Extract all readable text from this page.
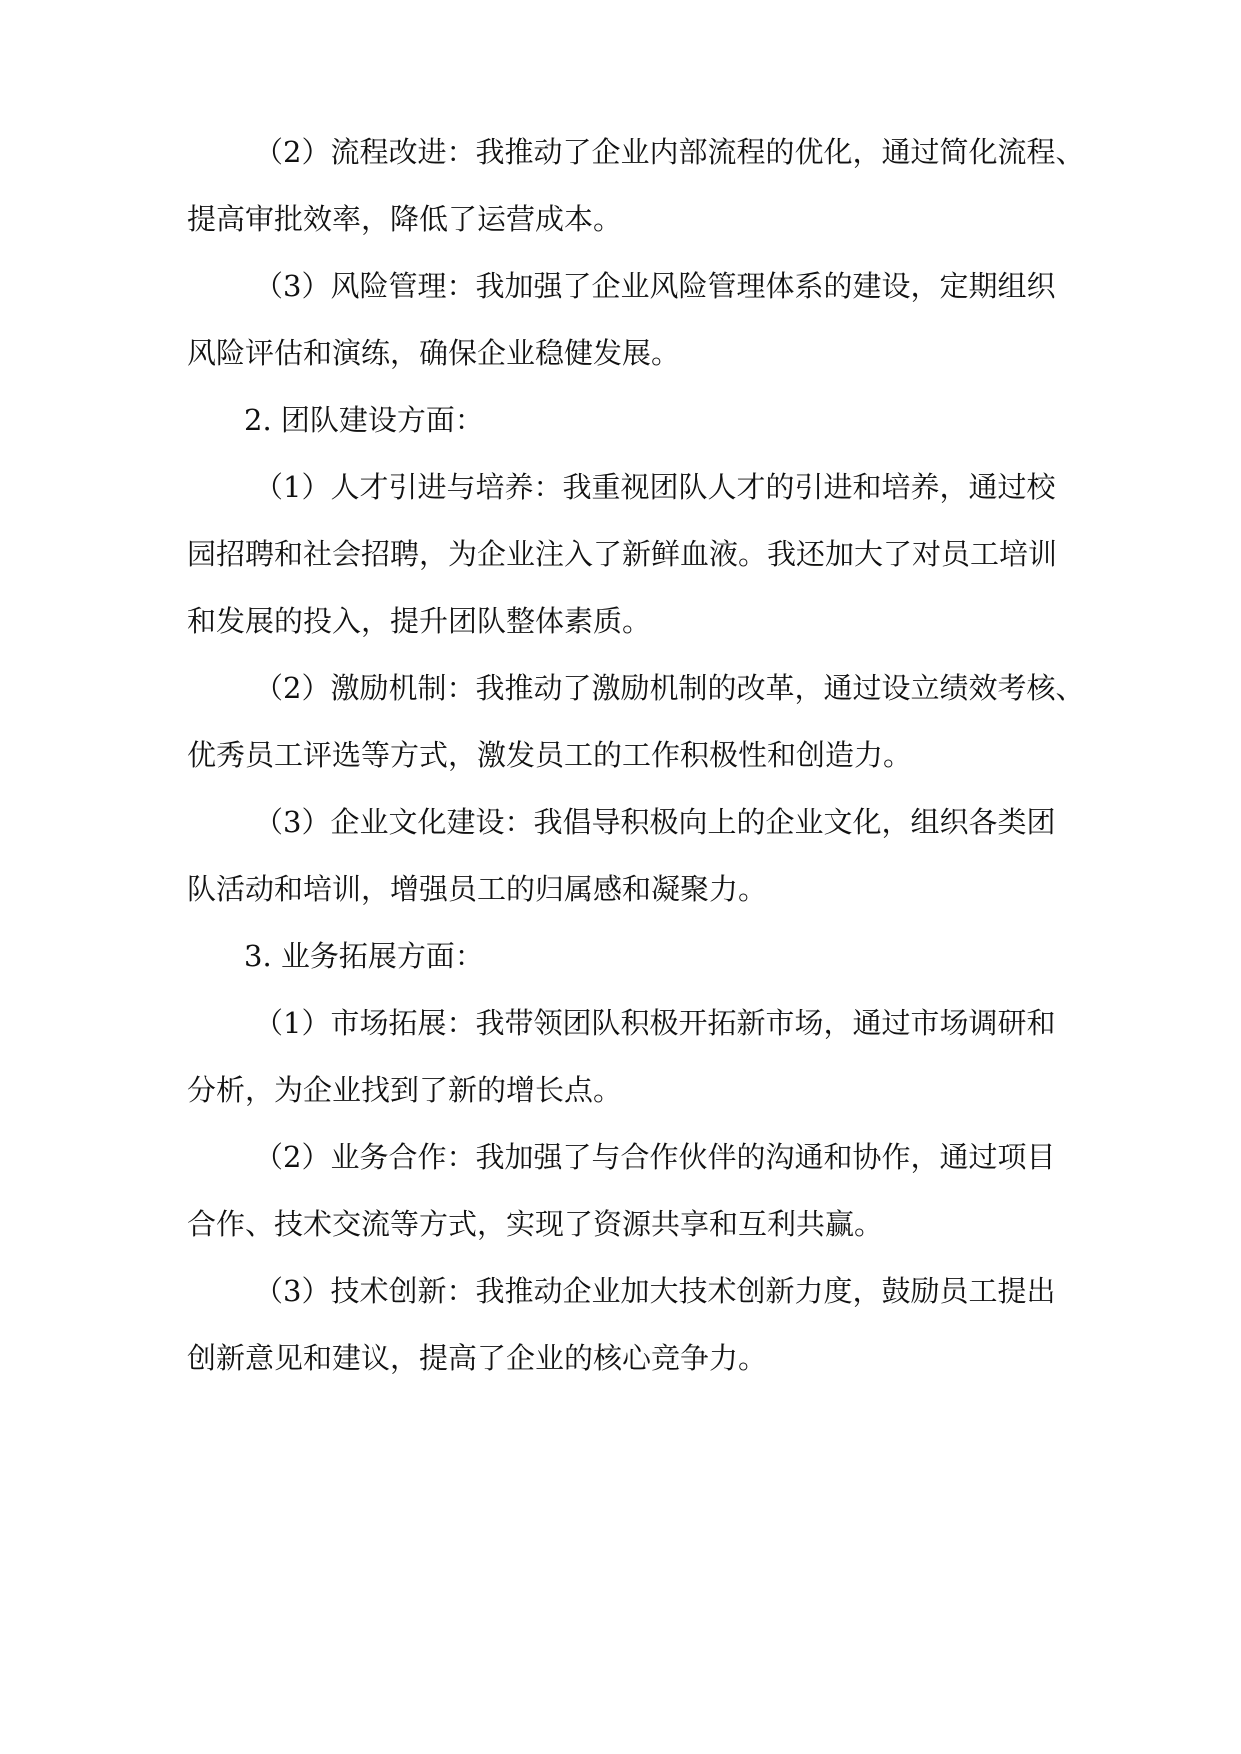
（2）流程改进：我推动了企业内部流程的优化，通过简化流程、
提高审批效率，降低了运营成本。
（3）风险管理：我加强了企业风险管理体系的建设，定期组织
风险评估和演练，确保企业稳健发展。
2. 团队建设方面：
（1）人才引进与培养：我重视团队人才的引进和培养，通过校
园招聘和社会招聘，为企业注入了新鲜血液。我还加大了对员工培训
和发展的投入，提升团队整体素质。
（2）激励机制：我推动了激励机制的改革，通过设立绩效考核、
优秀员工评选等方式，激发员工的工作积极性和创造力。
（3）企业文化建设：我倡导积极向上的企业文化，组织各类团
队活动和培训，增强员工的归属感和凝聚力。
3. 业务拓展方面：
（1）市场拓展：我带领团队积极开拓新市场，通过市场调研和
分析，为企业找到了新的增长点。
（2）业务合作：我加强了与合作伙伴的沟通和协作，通过项目
合作、技术交流等方式，实现了资源共享和互利共赢。
（3）技术创新：我推动企业加大技术创新力度，鼓励员工提出
创新意见和建议，提高了企业的核心竞争力。
